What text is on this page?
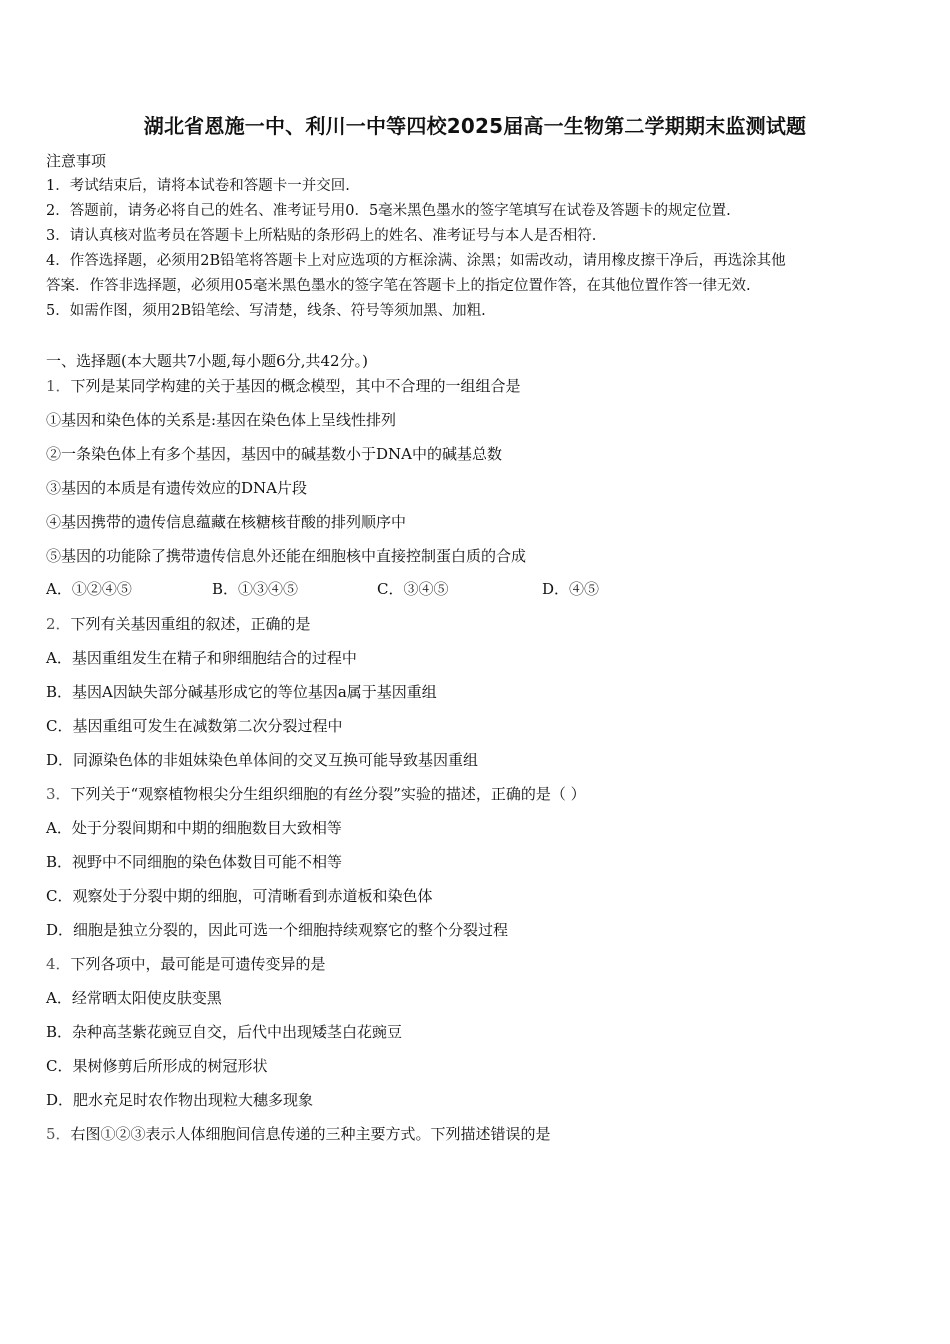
湖北省恩施一中、利川一中等四校2025届高一生物第二学期期末监测试题
注意事项
1．考试结束后，请将本试卷和答题卡一并交回.
2．答题前，请务必将自己的姓名、准考证号用0．5毫米黑色墨水的签字笔填写在试卷及答题卡的规定位置.
3．请认真核对监考员在答题卡上所粘贴的条形码上的姓名、准考证号与本人是否相符.
4．作答选择题，必须用2B铅笔将答题卡上对应选项的方框涂满、涂黑；如需改动，请用橡皮擦干净后，再选涂其他
答案．作答非选择题，必须用05毫米黑色墨水的签字笔在答题卡上的指定位置作答，在其他位置作答一律无效.
5．如需作图，须用2B铅笔绘、写清楚，线条、符号等须加黑、加粗.
一、选择题(本大题共7小题,每小题6分,共42分。)
1．下列是某同学构建的关于基因的概念模型，其中不合理的一组组合是
①基因和染色体的关系是:基因在染色体上呈线性排列
②一条染色体上有多个基因，基因中的碱基数小于DNA中的碱基总数
③基因的本质是有遗传效应的DNA片段
④基因携带的遗传信息蕴藏在核糖核苷酸的排列顺序中
⑤基因的功能除了携带遗传信息外还能在细胞核中直接控制蛋白质的合成
A．①②④⑤	B．①③④⑤	C．③④⑤	D．④⑤
2．下列有关基因重组的叙述，正确的是
A．基因重组发生在精子和卵细胞结合的过程中
B．基因A因缺失部分碱基形成它的等位基因a属于基因重组
C．基因重组可发生在减数第二次分裂过程中
D．同源染色体的非姐妹染色单体间的交叉互换可能导致基因重组
3．下列关于“观察植物根尖分生组织细胞的有丝分裂”实验的描述，正确的是（ ）
A．处于分裂间期和中期的细胞数目大致相等
B．视野中不同细胞的染色体数目可能不相等
C．观察处于分裂中期的细胞，可清晰看到赤道板和染色体
D．细胞是独立分裂的，因此可选一个细胞持续观察它的整个分裂过程
4．下列各项中，最可能是可遗传变异的是
A．经常晒太阳使皮肤变黑
B．杂种高茎紫花豌豆自交，后代中出现矮茎白花豌豆
C．果树修剪后所形成的树冠形状
D．肥水充足时农作物出现粒大穗多现象
5．右图①②③表示人体细胞间信息传递的三种主要方式。下列描述错误的是
